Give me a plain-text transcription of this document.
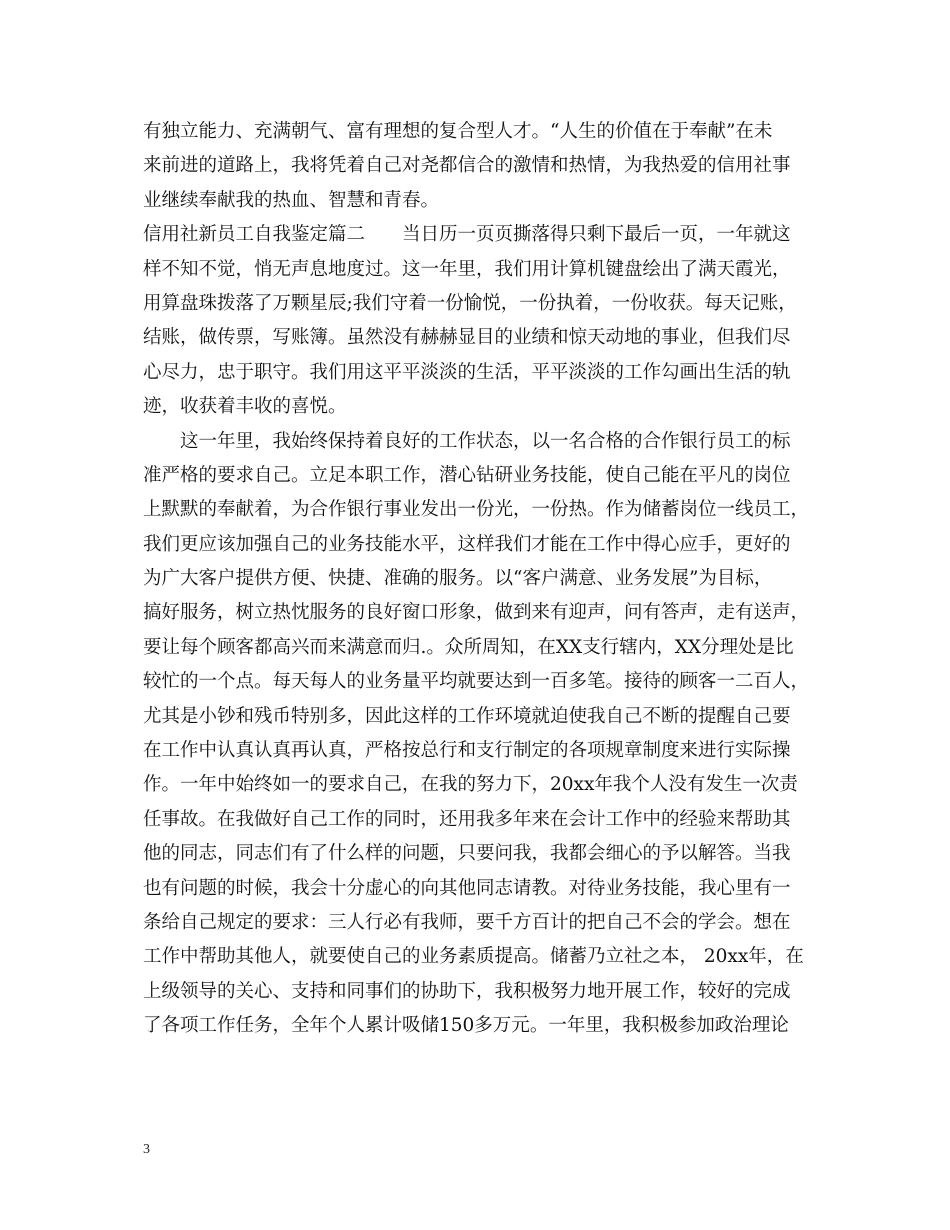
有独立能力、充满朝气、富有理想的复合型人才。“人生的价值在于奉献”在未
来前进的道路上，我将凭着自己对尧都信合的激情和热情，为我热爱的信用社事
业继续奉献我的热血、智慧和青春。
信用社新员工自我鉴定篇二　　当日历一页页撕落得只剩下最后一页，一年就这
样不知不觉，悄无声息地度过。这一年里，我们用计算机键盘绘出了满天霞光，
用算盘珠拨落了万颗星辰;我们守着一份愉悦，一份执着，一份收获。每天记账，
结账，做传票，写账簿。虽然没有赫赫显目的业绩和惊天动地的事业，但我们尽
心尽力，忠于职守。我们用这平平淡淡的生活，平平淡淡的工作勾画出生活的轨
迹，收获着丰收的喜悦。
　　这一年里，我始终保持着良好的工作状态，以一名合格的合作银行员工的标
准严格的要求自己。立足本职工作，潜心钻研业务技能，使自己能在平凡的岗位
上默默的奉献着，为合作银行事业发出一份光，一份热。作为储蓄岗位一线员工，
我们更应该加强自己的业务技能水平，这样我们才能在工作中得心应手，更好的
为广大客户提供方便、快捷、准确的服务。以“客户满意、业务发展”为目标，
搞好服务，树立热忱服务的良好窗口形象，做到来有迎声，问有答声，走有送声，
要让每个顾客都高兴而来满意而归.。众所周知，在XX支行辖内，XX分理处是比
较忙的一个点。每天每人的业务量平均就要达到一百多笔。接待的顾客一二百人，
尤其是小钞和残币特别多，因此这样的工作环境就迫使我自己不断的提醒自己要
在工作中认真认真再认真，严格按总行和支行制定的各项规章制度来进行实际操
作。一年中始终如一的要求自己，在我的努力下，20xx年我个人没有发生一次责
任事故。在我做好自己工作的同时，还用我多年来在会计工作中的经验来帮助其
他的同志，同志们有了什么样的问题，只要问我，我都会细心的予以解答。当我
也有问题的时候，我会十分虚心的向其他同志请教。对待业务技能，我心里有一
条给自己规定的要求：三人行必有我师，要千方百计的把自己不会的学会。想在
工作中帮助其他人，就要使自己的业务素质提高。储蓄乃立社之本， 20xx年，在
上级领导的关心、支持和同事们的协助下，我积极努力地开展工作，较好的完成
了各项工作任务，全年个人累计吸储150多万元。一年里，我积极参加政治理论
3
